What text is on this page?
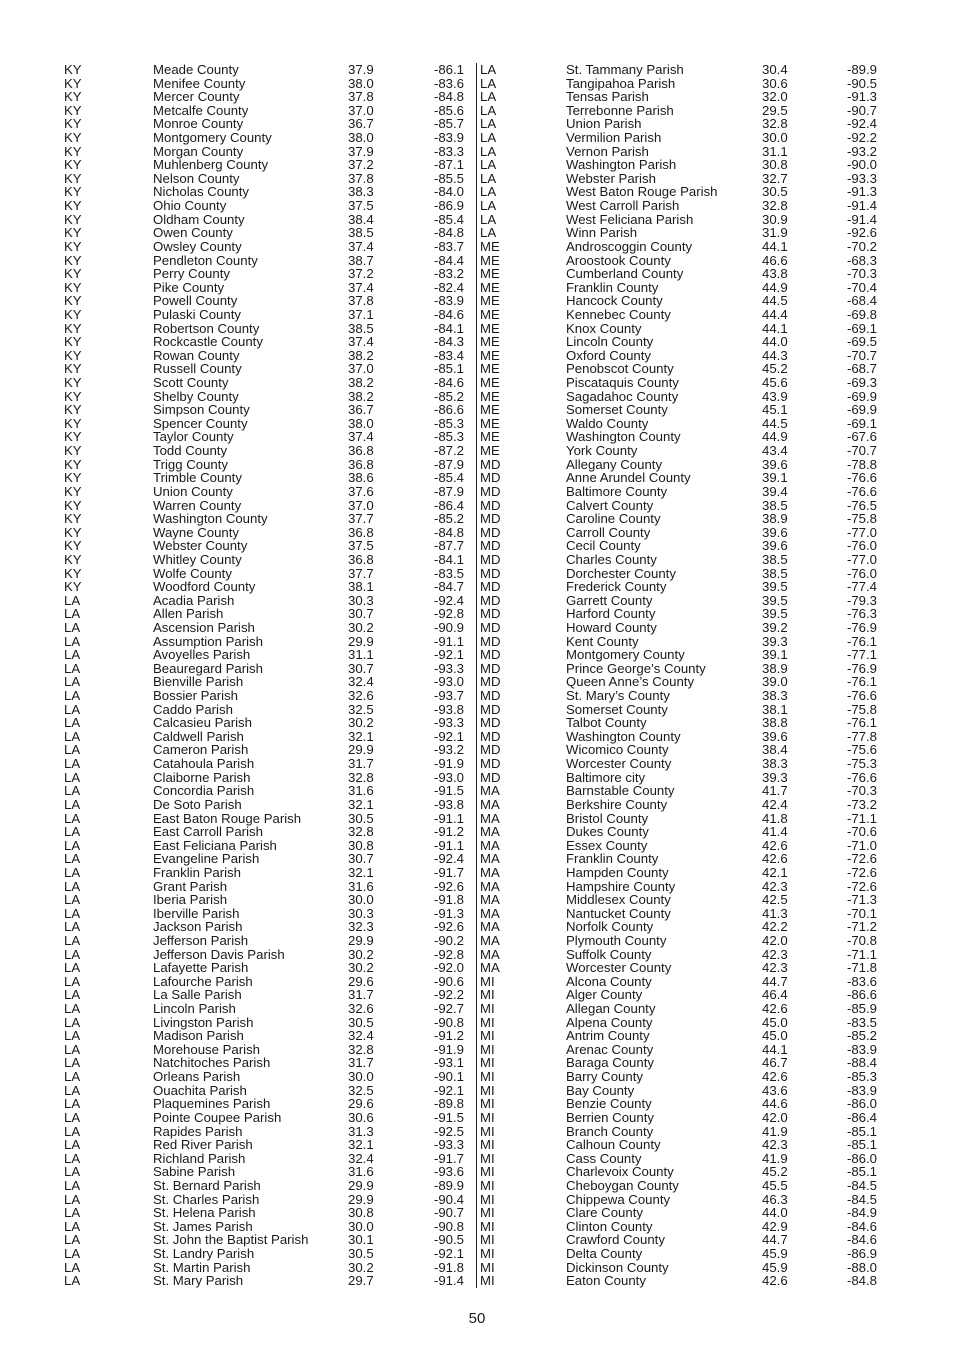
KY	Meade County	37.9	-86.1
KY	Menifee County	38.0	-83.6
KY	Mercer County	37.8	-84.8
KY	Metcalfe County	37.0	-85.6
KY	Monroe County	36.7	-85.7
KY	Montgomery County	38.0	-83.9
KY	Morgan County	37.9	-83.3
KY	Muhlenberg County	37.2	-87.1
KY	Nelson County	37.8	-85.5
KY	Nicholas County	38.3	-84.0
KY	Ohio County	37.5	-86.9
KY	Oldham County	38.4	-85.4
KY	Owen County	38.5	-84.8
KY	Owsley County	37.4	-83.7
KY	Pendleton County	38.7	-84.4
KY	Perry County	37.2	-83.2
KY	Pike County	37.4	-82.4
KY	Powell County	37.8	-83.9
KY	Pulaski County	37.1	-84.6
KY	Robertson County	38.5	-84.1
KY	Rockcastle County	37.4	-84.3
KY	Rowan County	38.2	-83.4
KY	Russell County	37.0	-85.1
KY	Scott County	38.2	-84.6
KY	Shelby County	38.2	-85.2
KY	Simpson County	36.7	-86.6
KY	Spencer County	38.0	-85.3
KY	Taylor County	37.4	-85.3
KY	Todd County	36.8	-87.2
KY	Trigg County	36.8	-87.9
KY	Trimble County	38.6	-85.4
KY	Union County	37.6	-87.9
KY	Warren County	37.0	-86.4
KY	Washington County	37.7	-85.2
KY	Wayne County	36.8	-84.8
KY	Webster County	37.5	-87.7
KY	Whitley County	36.8	-84.1
KY	Wolfe County	37.7	-83.5
KY	Woodford County	38.1	-84.7
LA	Acadia Parish	30.3	-92.4
LA	Allen Parish	30.7	-92.8
LA	Ascension Parish	30.2	-90.9
LA	Assumption Parish	29.9	-91.1
LA	Avoyelles Parish	31.1	-92.1
LA	Beauregard Parish	30.7	-93.3
LA	Bienville Parish	32.4	-93.0
LA	Bossier Parish	32.6	-93.7
LA	Caddo Parish	32.5	-93.8
LA	Calcasieu Parish	30.2	-93.3
LA	Caldwell Parish	32.1	-92.1
LA	Cameron Parish	29.9	-93.2
LA	Catahoula Parish	31.7	-91.9
LA	Claiborne Parish	32.8	-93.0
LA	Concordia Parish	31.6	-91.5
LA	De Soto Parish	32.1	-93.8
LA	East Baton Rouge Parish	30.5	-91.1
LA	East Carroll Parish	32.8	-91.2
LA	East Feliciana Parish	30.8	-91.1
LA	Evangeline Parish	30.7	-92.4
LA	Franklin Parish	32.1	-91.7
LA	Grant Parish	31.6	-92.6
LA	Iberia Parish	30.0	-91.8
LA	Iberville Parish	30.3	-91.3
LA	Jackson Parish	32.3	-92.6
LA	Jefferson Parish	29.9	-90.2
LA	Jefferson Davis Parish	30.2	-92.8
LA	Lafayette Parish	30.2	-92.0
LA	Lafourche Parish	29.6	-90.6
LA	La Salle Parish	31.7	-92.2
LA	Lincoln Parish	32.6	-92.7
LA	Livingston Parish	30.5	-90.8
LA	Madison Parish	32.4	-91.2
LA	Morehouse Parish	32.8	-91.9
LA	Natchitoches Parish	31.7	-93.1
LA	Orleans Parish	30.0	-90.1
LA	Ouachita Parish	32.5	-92.1
LA	Plaquemines Parish	29.6	-89.8
LA	Pointe Coupee Parish	30.6	-91.5
LA	Rapides Parish	31.3	-92.5
LA	Red River Parish	32.1	-93.3
LA	Richland Parish	32.4	-91.7
LA	Sabine Parish	31.6	-93.6
LA	St. Bernard Parish	29.9	-89.9
LA	St. Charles Parish	29.9	-90.4
LA	St. Helena Parish	30.8	-90.7
LA	St. James Parish	30.0	-90.8
LA	St. John the Baptist Parish	30.1	-90.5
LA	St. Landry Parish	30.5	-92.1
LA	St. Martin Parish	30.2	-91.8
LA	St. Mary Parish	29.7	-91.4
LA	St. Tammany Parish	30.4	-89.9
LA	Tangipahoa Parish	30.6	-90.5
LA	Tensas Parish	32.0	-91.3
LA	Terrebonne Parish	29.5	-90.7
LA	Union Parish	32.8	-92.4
LA	Vermilion Parish	30.0	-92.2
LA	Vernon Parish	31.1	-93.2
LA	Washington Parish	30.8	-90.0
LA	Webster Parish	32.7	-93.3
LA	West Baton Rouge Parish	30.5	-91.3
LA	West Carroll Parish	32.8	-91.4
LA	West Feliciana Parish	30.9	-91.4
LA	Winn Parish	31.9	-92.6
ME	Androscoggin County	44.1	-70.2
ME	Aroostook County	46.6	-68.3
ME	Cumberland County	43.8	-70.3
ME	Franklin County	44.9	-70.4
ME	Hancock County	44.5	-68.4
ME	Kennebec County	44.4	-69.8
ME	Knox County	44.1	-69.1
ME	Lincoln County	44.0	-69.5
ME	Oxford County	44.3	-70.7
ME	Penobscot County	45.2	-68.7
ME	Piscataquis County	45.6	-69.3
ME	Sagadahoc County	43.9	-69.9
ME	Somerset County	45.1	-69.9
ME	Waldo County	44.5	-69.1
ME	Washington County	44.9	-67.6
ME	York County	43.4	-70.7
MD	Allegany County	39.6	-78.8
MD	Anne Arundel County	39.1	-76.6
MD	Baltimore County	39.4	-76.6
MD	Calvert County	38.5	-76.5
MD	Caroline County	38.9	-75.8
MD	Carroll County	39.6	-77.0
MD	Cecil County	39.6	-76.0
MD	Charles County	38.5	-77.0
MD	Dorchester County	38.5	-76.0
MD	Frederick County	39.5	-77.4
MD	Garrett County	39.5	-79.3
MD	Harford County	39.5	-76.3
MD	Howard County	39.2	-76.9
MD	Kent County	39.3	-76.1
MD	Montgomery County	39.1	-77.1
MD	Prince George’s County	38.9	-76.9
MD	Queen Anne’s County	39.0	-76.1
MD	St. Mary’s County	38.3	-76.6
MD	Somerset County	38.1	-75.8
MD	Talbot County	38.8	-76.1
MD	Washington County	39.6	-77.8
MD	Wicomico County	38.4	-75.6
MD	Worcester County	38.3	-75.3
MD	Baltimore city	39.3	-76.6
MA	Barnstable County	41.7	-70.3
MA	Berkshire County	42.4	-73.2
MA	Bristol County	41.8	-71.1
MA	Dukes County	41.4	-70.6
MA	Essex County	42.6	-71.0
MA	Franklin County	42.6	-72.6
MA	Hampden County	42.1	-72.6
MA	Hampshire County	42.3	-72.6
MA	Middlesex County	42.5	-71.3
MA	Nantucket County	41.3	-70.1
MA	Norfolk County	42.2	-71.2
MA	Plymouth County	42.0	-70.8
MA	Suffolk County	42.3	-71.1
MA	Worcester County	42.3	-71.8
MI	Alcona County	44.7	-83.6
MI	Alger County	46.4	-86.6
MI	Allegan County	42.6	-85.9
MI	Alpena County	45.0	-83.5
MI	Antrim County	45.0	-85.2
MI	Arenac County	44.1	-83.9
MI	Baraga County	46.7	-88.4
MI	Barry County	42.6	-85.3
MI	Bay County	43.6	-83.9
MI	Benzie County	44.6	-86.0
MI	Berrien County	42.0	-86.4
MI	Branch County	41.9	-85.1
MI	Calhoun County	42.3	-85.1
MI	Cass County	41.9	-86.0
MI	Charlevoix County	45.2	-85.1
MI	Cheboygan County	45.5	-84.5
MI	Chippewa County	46.3	-84.5
MI	Clare County	44.0	-84.9
MI	Clinton County	42.9	-84.6
MI	Crawford County	44.7	-84.6
MI	Delta County	45.9	-86.9
MI	Dickinson County	45.9	-88.0
MI	Eaton County	42.6	-84.8
50
